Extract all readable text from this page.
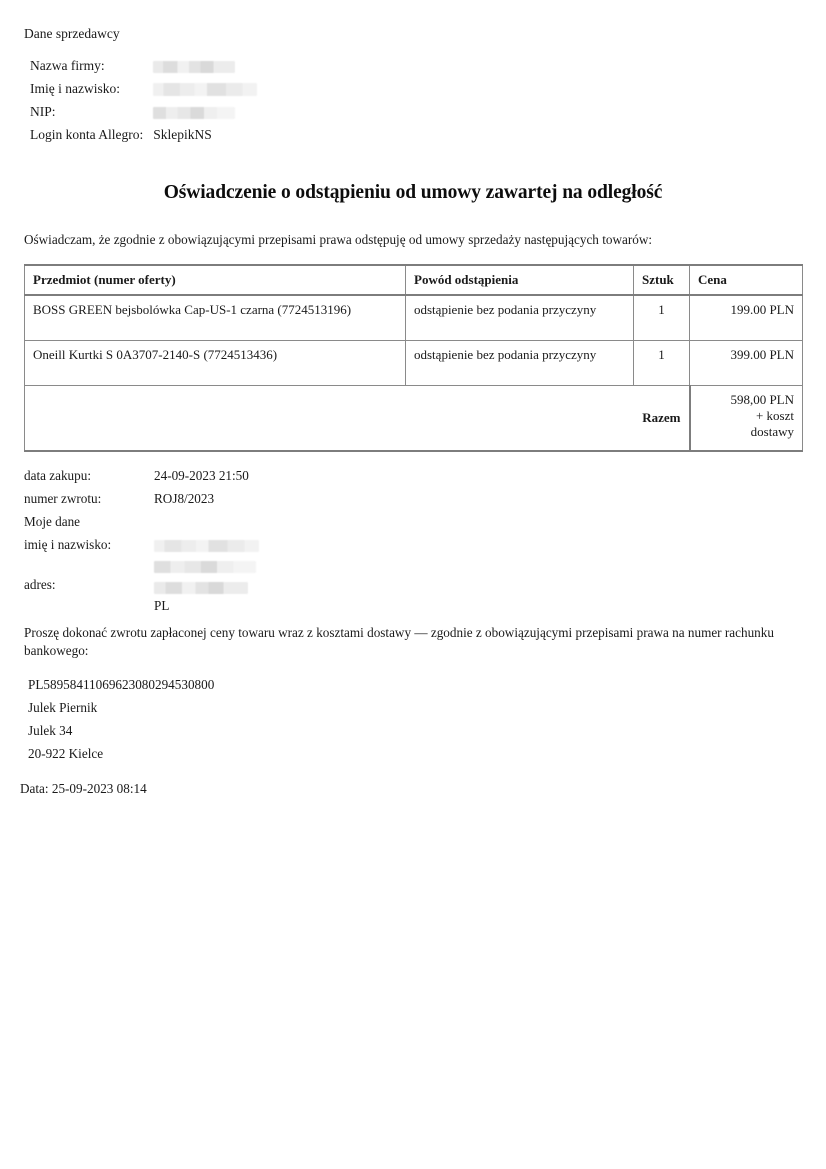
Dane sprzedawcy
Nazwa firmy:	
Imię i nazwisko:	
NIP:	
Login konta Allegro:	SklepikNS
Oświadczenie o odstąpieniu od umowy zawartej na odległość
Oświadczam, że zgodnie z obowiązującymi przepisami prawa odstępuję od umowy sprzedaży następujących towarów:
Przedmiot (numer oferty)	Powód odstąpienia	Sztuk	Cena
BOSS GREEN bejsbolówka Cap-US-1 czarna (7724513196)	odstąpienie bez podania przyczyny	1	199.00 PLN
Oneill Kurtki S 0A3707-2140-S (7724513436)	odstąpienie bez podania przyczyny	1	399.00 PLN
Razem			598,00 PLN
+ koszt
dostawy
data zakupu:	24-09-2023 21:50
numer zwrotu:	ROJ8/2023
Moje dane	
imię i nazwisko:	
adres:	PL
Proszę dokonać zwrotu zapłaconej ceny towaru wraz z kosztami dostawy — zgodnie z obowiązującymi przepisami prawa na numer rachunku bankowego:
PL58958411069623080294530800
Julek Piernik
Julek 34
20-922 Kielce
Data: 25-09-2023 08:14
